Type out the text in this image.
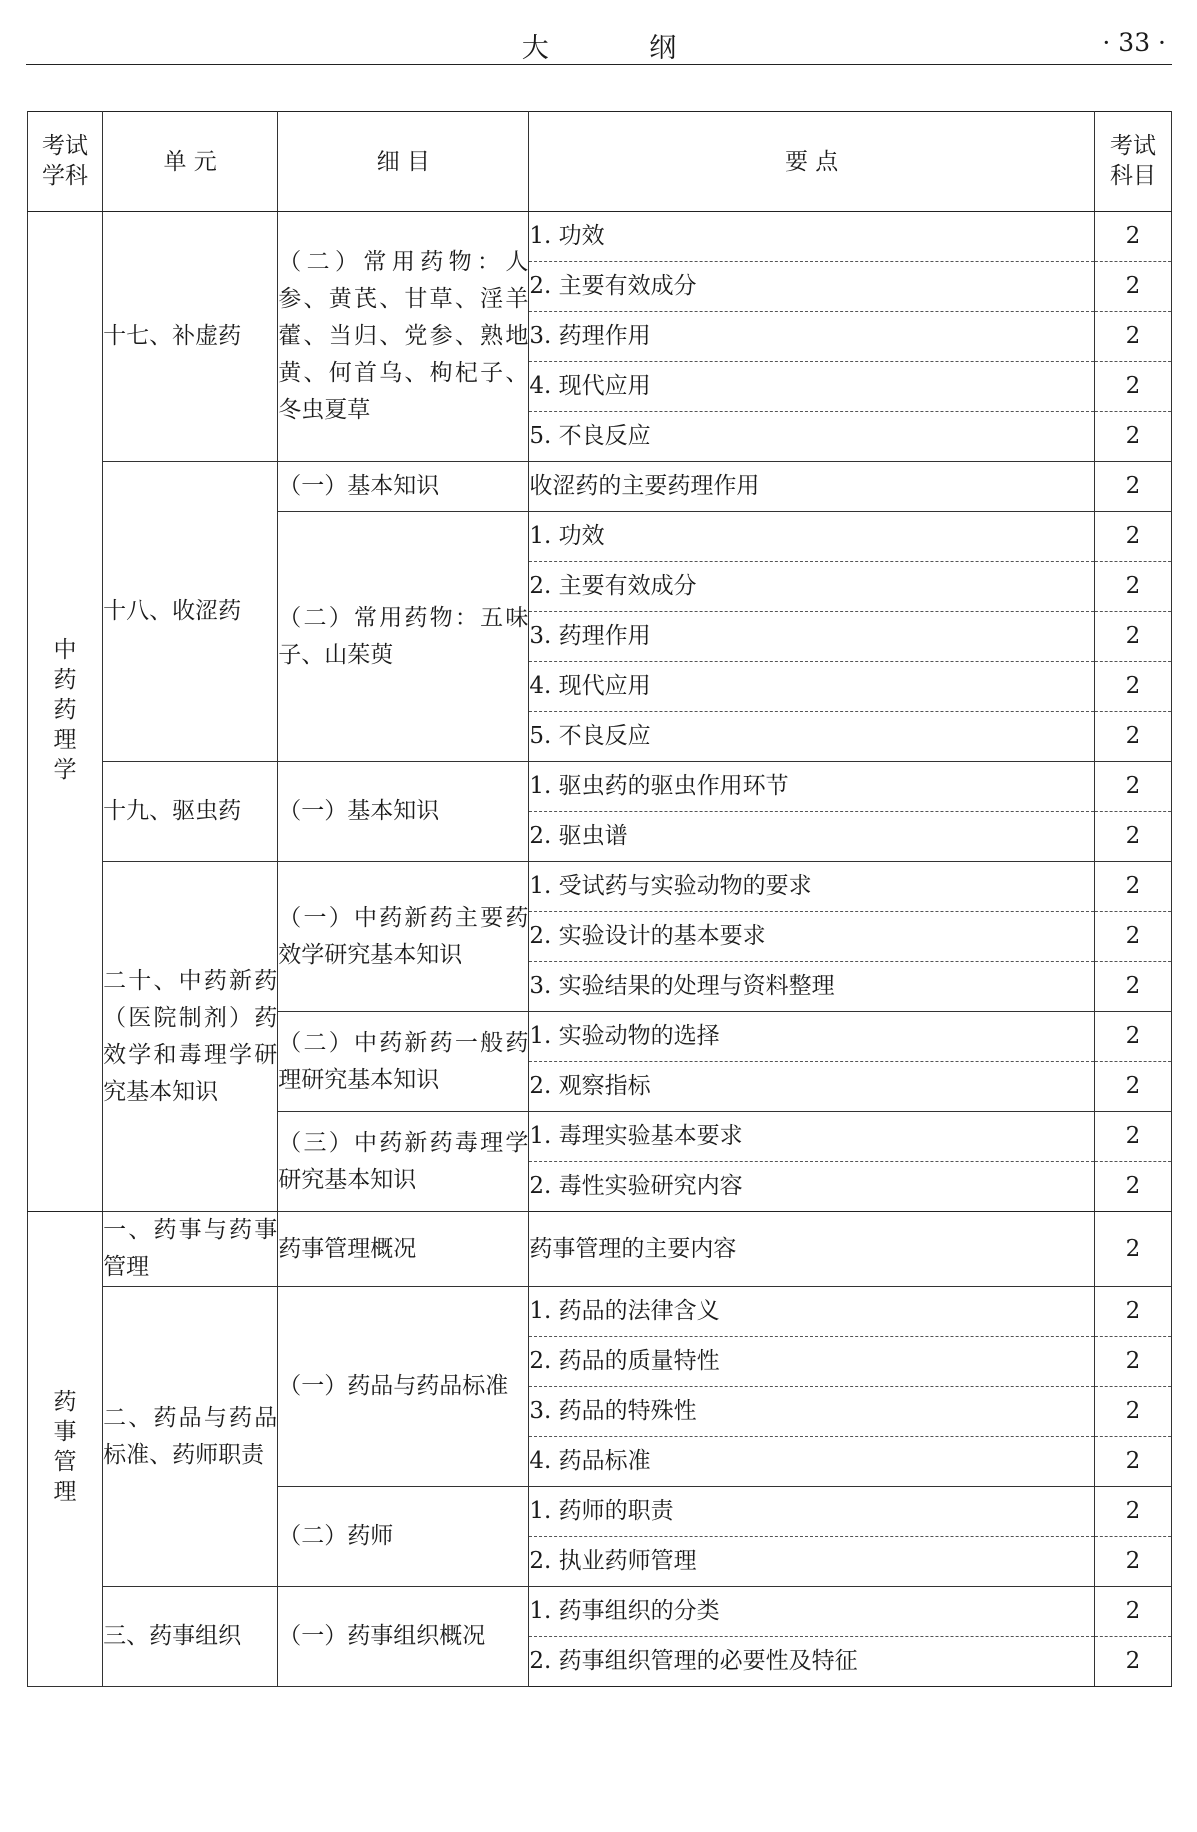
大 纲	· 33 ·
考试学科	单 元	细 目	要 点	考试科目
中药药理学	十七、补虚药	（二）常用药物：人参、黄芪、甘草、淫羊藿、当归、党参、熟地黄、何首乌、枸杞子、冬虫夏草	1. 功效	2
			2. 主要有效成分	2
			3. 药理作用	2
			4. 现代应用	2
			5. 不良反应	2
	十八、收涩药	（一）基本知识	收涩药的主要药理作用	2
		（二）常用药物：五味子、山茱萸	1. 功效	2
			2. 主要有效成分	2
			3. 药理作用	2
			4. 现代应用	2
			5. 不良反应	2
	十九、驱虫药	（一）基本知识	1. 驱虫药的驱虫作用环节	2
			2. 驱虫谱	2
	二十、中药新药（医院制剂）药效学和毒理学研究基本知识	（一）中药新药主要药效学研究基本知识	1. 受试药与实验动物的要求	2
			2. 实验设计的基本要求	2
			3. 实验结果的处理与资料整理	2
		（二）中药新药一般药理研究基本知识	1. 实验动物的选择	2
			2. 观察指标	2
		（三）中药新药毒理学研究基本知识	1. 毒理实验基本要求	2
			2. 毒性实验研究内容	2
药事管理	一、药事与药事管理	药事管理概况	药事管理的主要内容	2
	二、药品与药品标准、药师职责	（一）药品与药品标准	1. 药品的法律含义	2
			2. 药品的质量特性	2
			3. 药品的特殊性	2
			4. 药品标准	2
		（二）药师	1. 药师的职责	2
			2. 执业药师管理	2
	三、药事组织	（一）药事组织概况	1. 药事组织的分类	2
			2. 药事组织管理的必要性及特征	2
